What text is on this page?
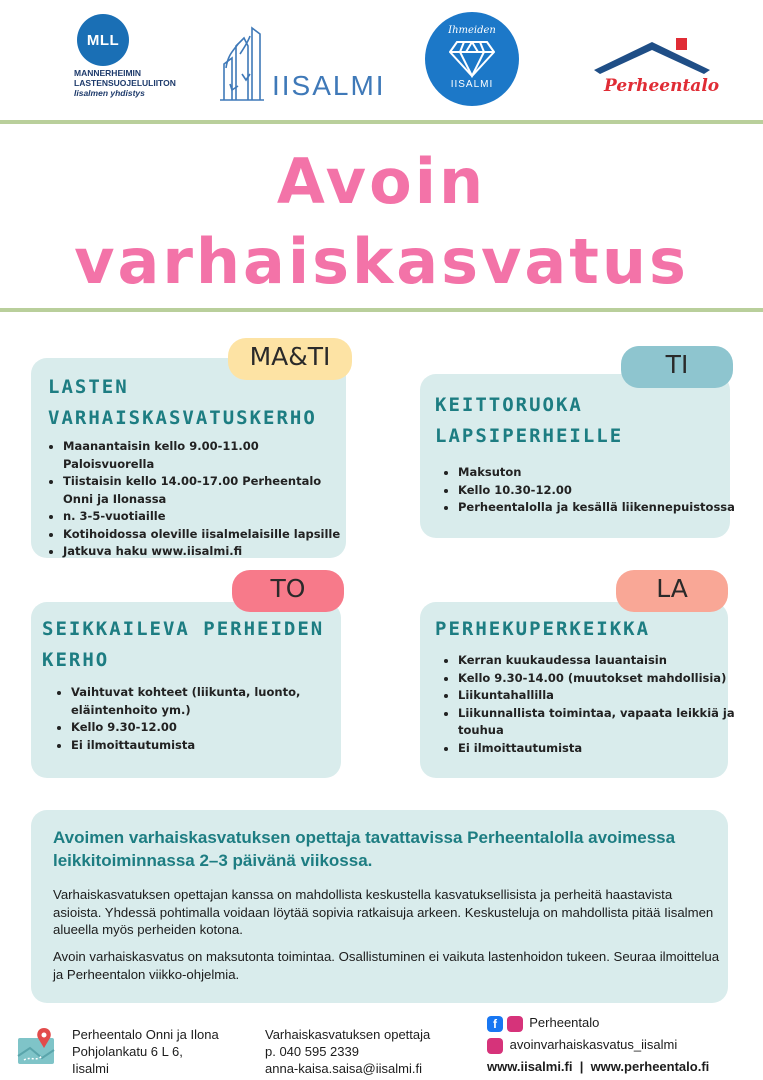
MLL
MANNERHEIMIN
LASTENSUOJELULIITON
Iisalmen yhdistys	IISALMI
Ihmeiden
IISALMI	Perheentalo
Avoin
varhaiskasvatus
LASTEN
VARHAISKASVATUSKERHO
• Maanantaisin kello 9.00-11.00 Paloisvuorella
• Tiistaisin kello 14.00-17.00 Perheentalo Onni ja Ilonassa
• n. 3-5-vuotiaille
• Kotihoidossa oleville iisalmelaisille lapsille
• Jatkuva haku www.iisalmi.fi
MA&TI
KEITTORUOKA
LAPSIPERHEILLE
• Maksuton
• Kello 10.30-12.00
• Perheentalolla ja kesällä liikennepuistossa
TI
SEIKKAILEVA PERHEIDEN
KERHO
• Vaihtuvat kohteet (liikunta, luonto, eläintenhoito ym.)
• Kello 9.30-12.00
• Ei ilmoittautumista
TO
PERHEKUPERKEIKKA
• Kerran kuukaudessa lauantaisin
• Kello 9.30-14.00 (muutokset mahdollisia)
• Liikuntahallilla
• Liikunnallista toimintaa, vapaata leikkiä ja touhua
• Ei ilmoittautumista
LA
Avoimen varhaiskasvatuksen opettaja tavattavissa Perheentalolla avoimessa leikkitoiminnassa 2–3 päivänä viikossa.
Varhaiskasvatuksen opettajan kanssa on mahdollista keskustella kasvatuksellisista ja perheitä haastavista asioista. Yhdessä pohtimalla voidaan löytää sopivia ratkaisuja arkeen. Keskusteluja on mahdollista pitää Iisalmen alueella myös perheiden kotona.
Avoin varhaiskasvatus on maksutonta toimintaa. Osallistuminen ei vaikuta lastenhoidon tukeen. Seuraa ilmoittelua ja Perheentalon viikko-ohjelmia.
Perheentalo Onni ja Ilona
Pohjolankatu 6 L 6,
Iisalmi
Varhaiskasvatuksen opettaja
p. 040 595 2339
anna-kaisa.saisa@iisalmi.fi
f Perheentalo
avoinvarhaiskasvatus_iisalmi
www.iisalmi.fi  |  www.perheentalo.fi
